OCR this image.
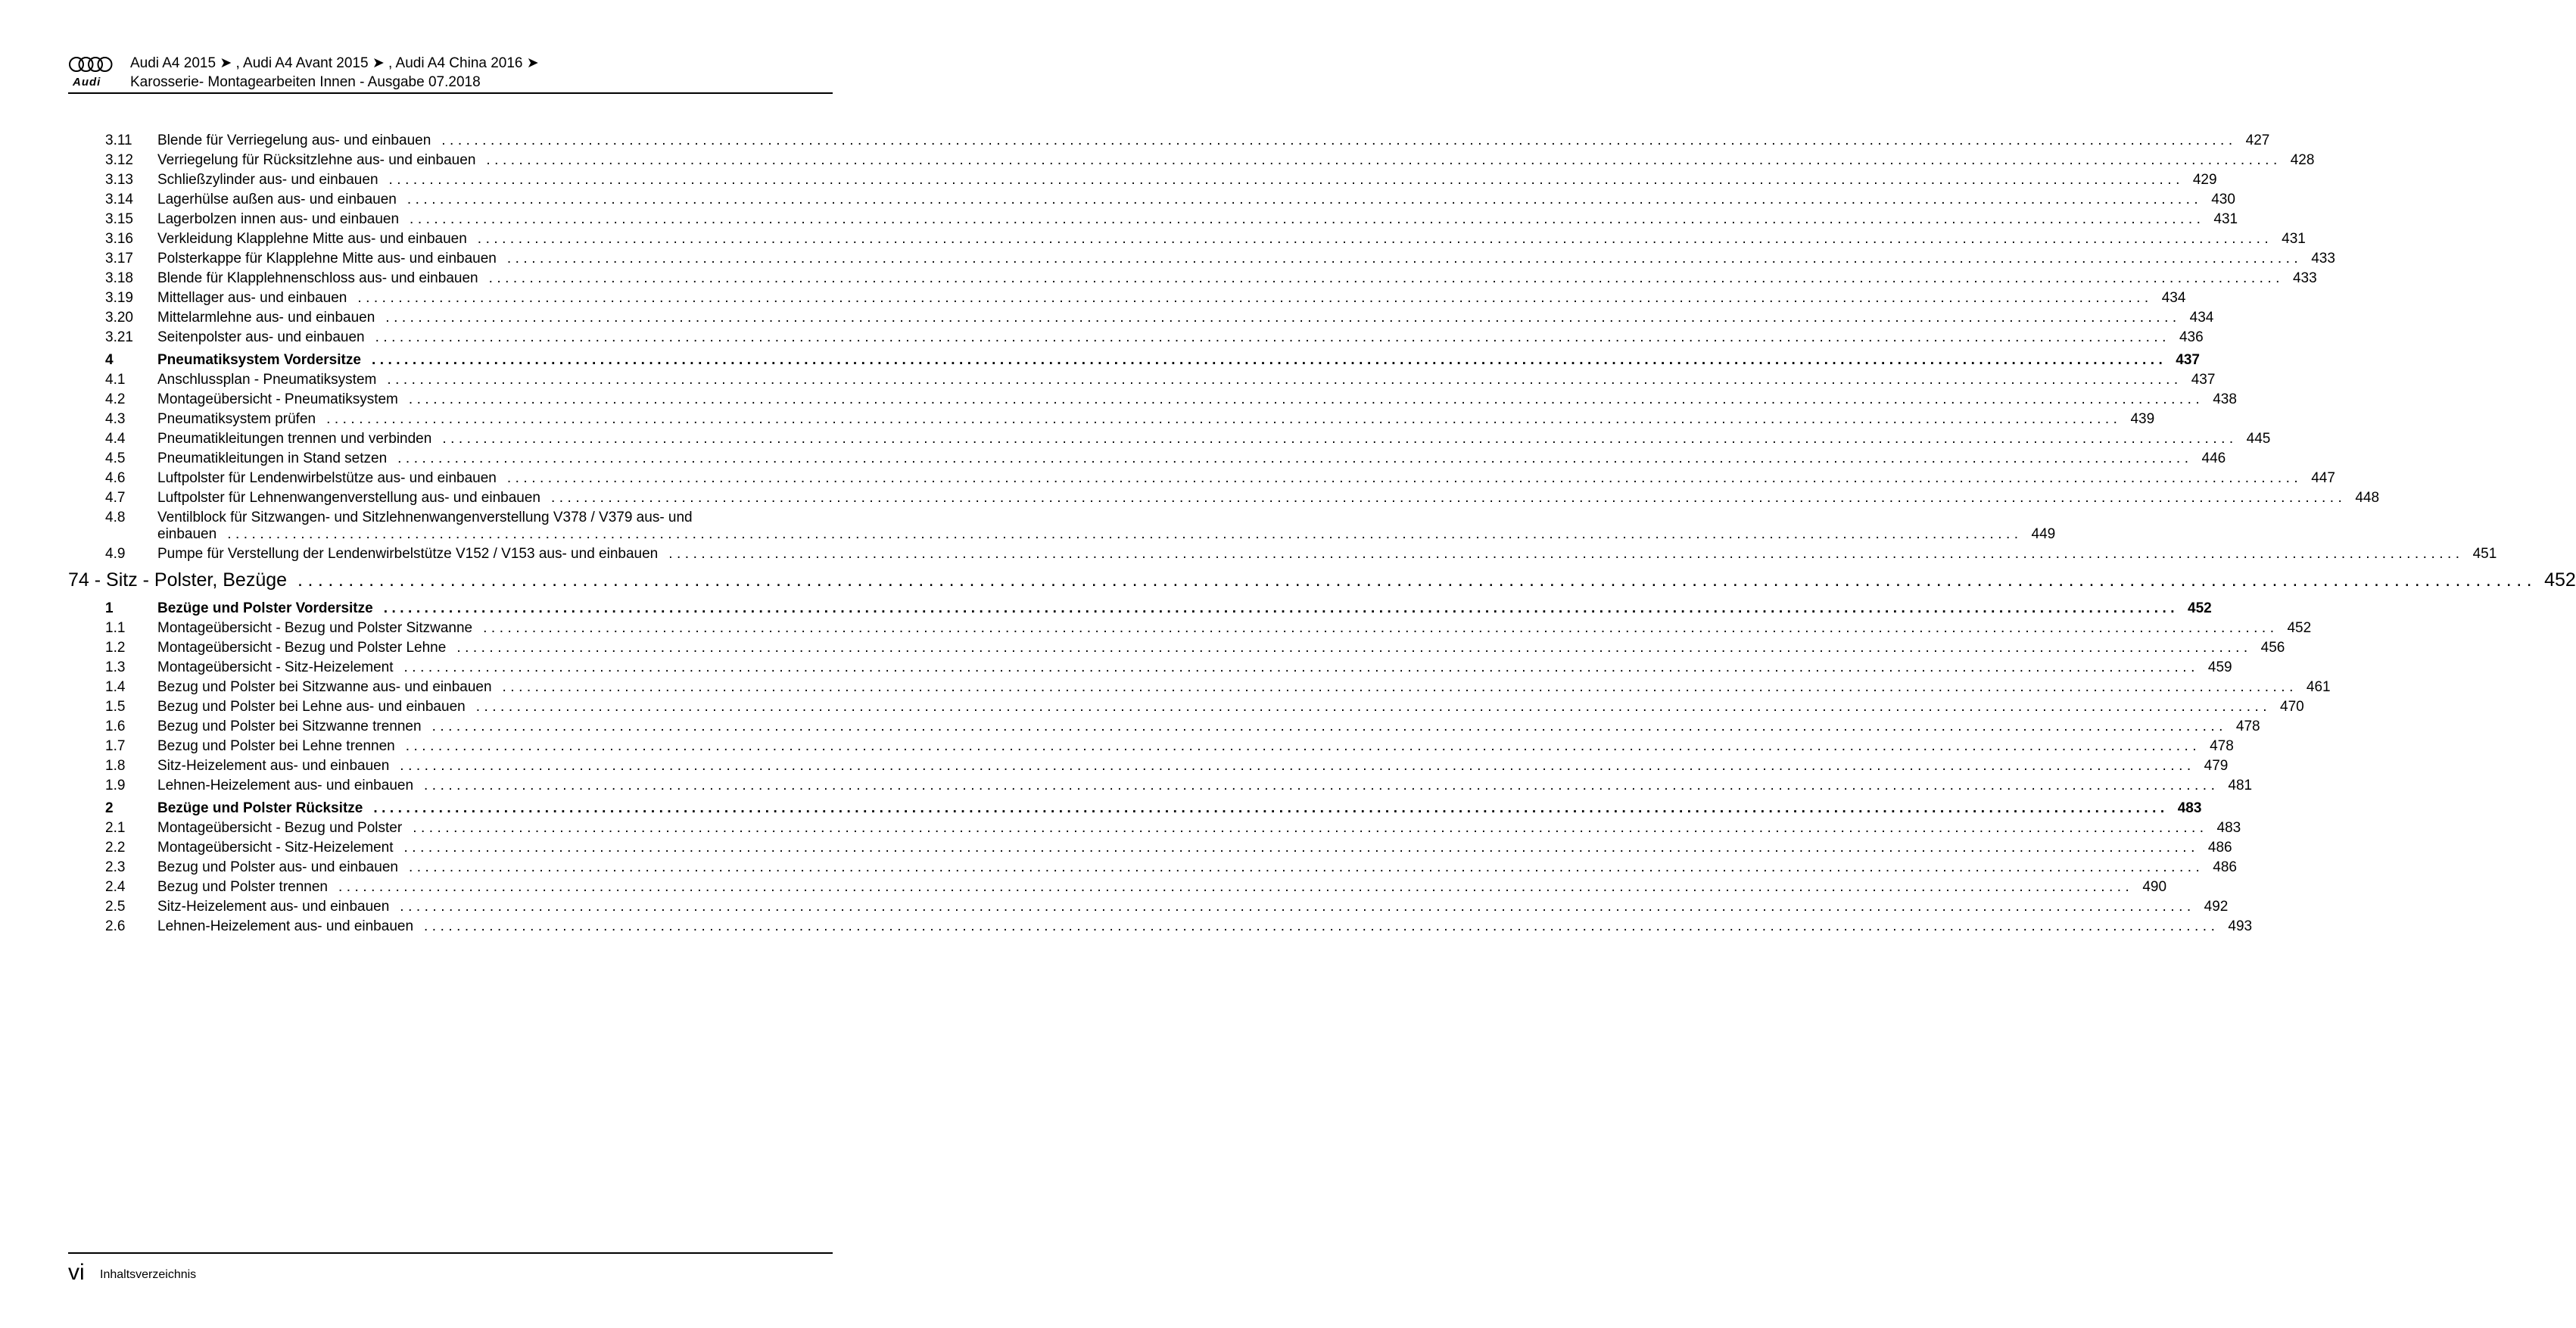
Audi
Audi A4 2015 ➤ , Audi A4 Avant 2015 ➤ , Audi A4 China 2016 ➤
Karosserie- Montagearbeiten Innen - Ausgabe 07.2018
3.11 Blende für Verriegelung aus- und einbauen ............................................................................................................................................................................................................................ 427
3.12 Verriegelung für Rücksitzlehne aus- und einbauen ............................................................................................................................................................................................................................ 428
3.13 Schließzylinder aus- und einbauen ............................................................................................................................................................................................................................ 429
3.14 Lagerhülse außen aus- und einbauen ............................................................................................................................................................................................................................ 430
3.15 Lagerbolzen innen aus- und einbauen ............................................................................................................................................................................................................................ 431
3.16 Verkleidung Klapplehne Mitte aus- und einbauen ............................................................................................................................................................................................................................ 431
3.17 Polsterkappe für Klapplehne Mitte aus- und einbauen ............................................................................................................................................................................................................................ 433
3.18 Blende für Klapplehnenschloss aus- und einbauen ............................................................................................................................................................................................................................ 433
3.19 Mittellager aus- und einbauen ............................................................................................................................................................................................................................ 434
3.20 Mittelarmlehne aus- und einbauen ............................................................................................................................................................................................................................ 434
3.21 Seitenpolster aus- und einbauen ............................................................................................................................................................................................................................ 436
4	Pneumatiksystem Vordersitze ............................................................................................................................................................................................................................ 437
4.1 Anschlussplan - Pneumatiksystem ............................................................................................................................................................................................................................ 437
4.2 Montageübersicht - Pneumatiksystem ............................................................................................................................................................................................................................ 438
4.3 Pneumatiksystem prüfen ............................................................................................................................................................................................................................ 439
4.4 Pneumatikleitungen trennen und verbinden ............................................................................................................................................................................................................................ 445
4.5 Pneumatikleitungen in Stand setzen ............................................................................................................................................................................................................................ 446
4.6 Luftpolster für Lendenwirbelstütze aus- und einbauen ............................................................................................................................................................................................................................ 447
4.7 Luftpolster für Lehnenwangenverstellung aus- und einbauen ............................................................................................................................................................................................................................ 448
4.8 Ventilblock für Sitzwangen- und Sitzlehnenwangenverstellung V378 / V379 aus- und
einbauen ............................................................................................................................................................................................................................ 449
4.9 Pumpe für Verstellung der Lendenwirbelstütze V152 / V153 aus- und einbauen ............................................................................................................................................................................................................................ 451
74 - Sitz - Polster, Bezüge ............................................................................................................................................................................................................................ 452
1	Bezüge und Polster Vordersitze ............................................................................................................................................................................................................................ 452
1.1 Montageübersicht - Bezug und Polster Sitzwanne ............................................................................................................................................................................................................................ 452
1.2 Montageübersicht - Bezug und Polster Lehne ............................................................................................................................................................................................................................ 456
1.3 Montageübersicht - Sitz-Heizelement ............................................................................................................................................................................................................................ 459
1.4 Bezug und Polster bei Sitzwanne aus- und einbauen ............................................................................................................................................................................................................................ 461
1.5 Bezug und Polster bei Lehne aus- und einbauen ............................................................................................................................................................................................................................ 470
1.6 Bezug und Polster bei Sitzwanne trennen ............................................................................................................................................................................................................................ 478
1.7 Bezug und Polster bei Lehne trennen ............................................................................................................................................................................................................................ 478
1.8 Sitz-Heizelement aus- und einbauen ............................................................................................................................................................................................................................ 479
1.9 Lehnen-Heizelement aus- und einbauen ............................................................................................................................................................................................................................ 481
2	Bezüge und Polster Rücksitze ............................................................................................................................................................................................................................ 483
2.1 Montageübersicht - Bezug und Polster ............................................................................................................................................................................................................................ 483
2.2 Montageübersicht - Sitz-Heizelement ............................................................................................................................................................................................................................ 486
2.3 Bezug und Polster aus- und einbauen ............................................................................................................................................................................................................................ 486
2.4 Bezug und Polster trennen ............................................................................................................................................................................................................................ 490
2.5 Sitz-Heizelement aus- und einbauen ............................................................................................................................................................................................................................ 492
2.6 Lehnen-Heizelement aus- und einbauen ............................................................................................................................................................................................................................ 493
vi Inhaltsverzeichnis
